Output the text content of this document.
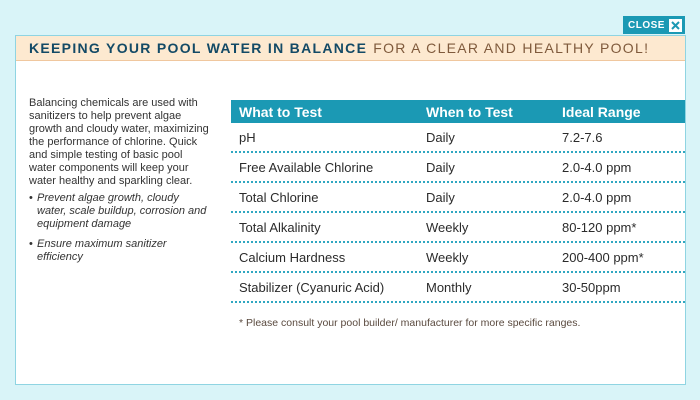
CLOSE
KEEPING YOUR POOL WATER IN BALANCE FOR A CLEAR AND HEALTHY POOL!

Balancing chemicals are used with sanitizers to help prevent algae growth and cloudy water, maximizing the performance of chlorine. Quick and simple testing of basic pool water components will keep your water healthy and sparkling clear.

• Prevent algae growth, cloudy water, scale buildup, corrosion and equipment damage
• Ensure maximum sanitizer efficiency
What to Test	When to Test	Ideal Range
pH	Daily	7.2-7.6
Free Available Chlorine	Daily	2.0-4.0 ppm
Total Chlorine	Daily	2.0-4.0 ppm
Total Alkalinity	Weekly	80-120 ppm*
Calcium Hardness	Weekly	200-400 ppm*
Stabilizer (Cyanuric Acid)	Monthly	30-50ppm
* Please consult your pool builder/ manufacturer for more specific ranges.
